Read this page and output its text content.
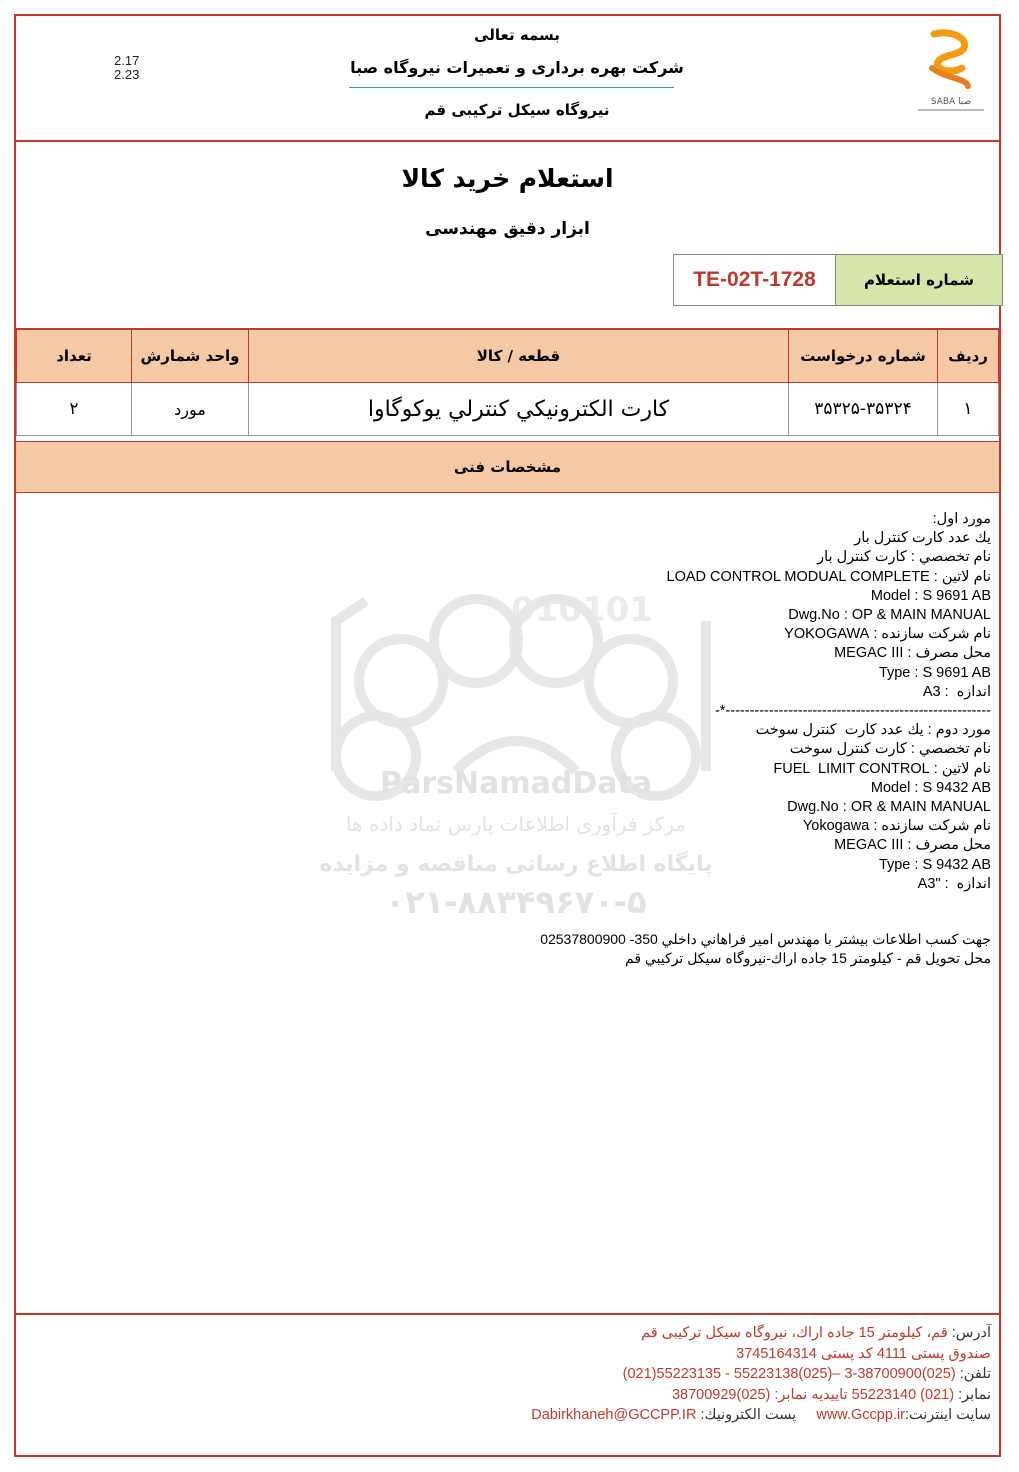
بسمه تعالی
شرکت بهره برداری و تعمیرات نیروگاه صبا
نیروگاه سیکل ترکیبی قم
2.17
2.23
SABA صبا
استعلام خرید کالا
ابزار دقیق مهندسی
شماره استعلام
TE-02T-1728
ردیف	شماره درخواست	قطعه / کالا	واحد شمارش	تعداد
۱	۳۵۳۲۵-۳۵۳۲۴	کارت الکترونیکي کنترلي یوکوگاوا	مورد	۲
مشخصات فنی
010101
ParsNamadData
مرکز فرآوری اطلاعات پارس نماد داده ها
پایگاه اطلاع رسانی مناقصه و مزایده
۰۲۱-۸۸۳۴۹۶۷۰-۵
مورد اول:
يك عدد كارت كنترل بار
نام تخصصي : كارت كنترل بار
نام لاتين : LOAD CONTROL MODUAL COMPLETE
Model : S 9691 AB
Dwg.No : OP & MAIN MANUAL
نام شركت سازنده : YOKOGAWA
محل مصرف : MEGAC III
Type : S 9691 AB
اندازه  : A3
-------------------------------------------------------*-
مورد دوم : يك عدد كارت  كنترل سوخت
نام تخصصي : كارت كنترل سوخت
نام لاتين : FUEL  LIMIT CONTROL
Model : S 9432 AB
Dwg.No : OR & MAIN MANUAL
نام شركت سازنده : Yokogawa
محل مصرف : MEGAC III
Type : S 9432 AB
اندازه  : "A3
جهت كسب اطلاعات بيشتر با مهندس امير فراهاني داخلي 350- 02537800900
محل تحويل قم - كيلومتر 15 جاده اراك-نيروگاه سيكل تركيبي قم
آدرس: قم، کیلومتر 15 جاده اراك، نیروگاه سیکل ترکیبی قم
صندوق پستی 4111 کد پستی 3745164314
تلفن: (025)38700900-3 –(025)55223138 - 55223135(021)
نمابر: (021) 55223140 تاییدیه نمابر: (025)38700929
سایت اینترنت:www.Gccpp.ir     پست الکترونیك: Dabirkhaneh@GCCPP.IR
